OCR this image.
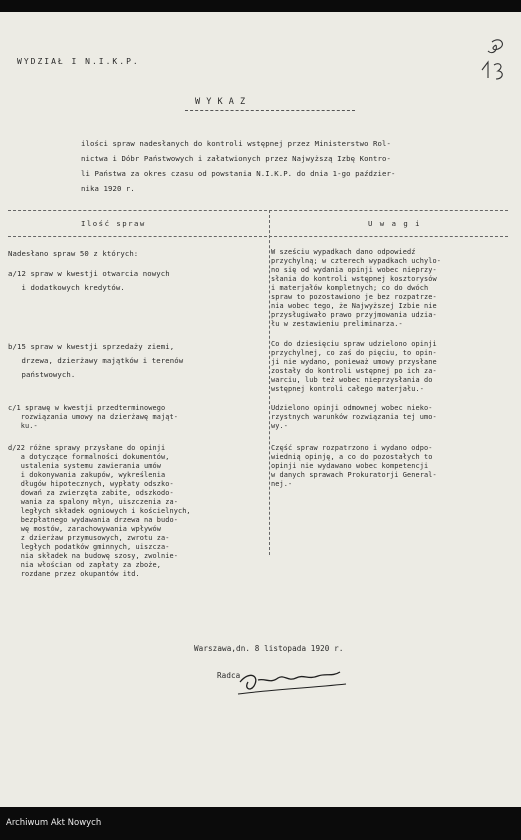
WYDZIAŁ I N.I.K.P.
W Y K A Z
ilości spraw nadesłanych do kontroli wstępnej przez Ministerstwo Rol-
nictwa i Dóbr Państwowych i załatwionych przez Najwyższą Izbę Kontro-
li Państwa za okres czasu od powstania N.I.K.P. do dnia 1-go paździer-
nika 1920 r.
Ilość spraw	U w a g i
Nadesłano spraw 50 z których:
a/12 spraw w kwestji otwarcia nowych
i dodatkowych kredytów.
b/15 spraw w kwestji sprzedaży ziemi,
drzewa, dzierżawy majątków i terenów
państwowych.
c/1 sprawę w kwestji przedterminowego
rozwiązania umowy na dzierżawę mająt-
ku.-
d/22 różne sprawy przysłane do opinji
a dotyczące formalności dokumentów,
ustalenia systemu zawierania umów
i dokonywania zakupów, wykreślenia
długów hipotecznych, wypłaty odszko-
dowań za zwierzęta zabite, odszkodo-
wania za spalony młyn, uiszczenia za-
ległych składek ogniowych i kościelnych,
bezpłatnego wydawania drzewa na budo-
wę mostów, zarachowywania wpływów
z dzierżaw przymusowych, zwrotu za-
ległych podatków gminnych, uiszcza-
nia składek na budowę szosy, zwolnie-
nia włościan od zapłaty za zboże,
rozdane przez okupantów itd.
W sześciu wypadkach dano odpowiedź
przychylną; w czterech wypadkach uchylo-
no się od wydania opinji wobec nieprzy-
słania do kontroli wstępnej kosztorysów
i materjałów kompletnych; co do dwóch
spraw to pozostawiono je bez rozpatrze-
nia wobec tego, że Najwyższej Izbie nie
przysługiwało prawo przyjmowania udzia-
łu w zestawieniu preliminarza.-
Co do dziesięciu spraw udzielono opinji
przychylnej, co zaś do pięciu, to opin-
ji nie wydano, ponieważ umowy przysłane
zostały do kontroli wstępnej po ich za-
warciu, lub też wobec nieprzysłania do
wstępnej kontroli całego materjału.-
Udzielono opinji odmownej wobec nieko-
rzystnych warunków rozwiązania tej umo-
wy.-
Część spraw rozpatrzono i wydano odpo-
wiednią opinję, a co do pozostałych to
opinji nie wydawano wobec kompetencji
w danych sprawach Prokuratorji General-
nej.-
Warszawa,dn. 8 listopada 1920 r.
Radca
Archiwum Akt Nowych
